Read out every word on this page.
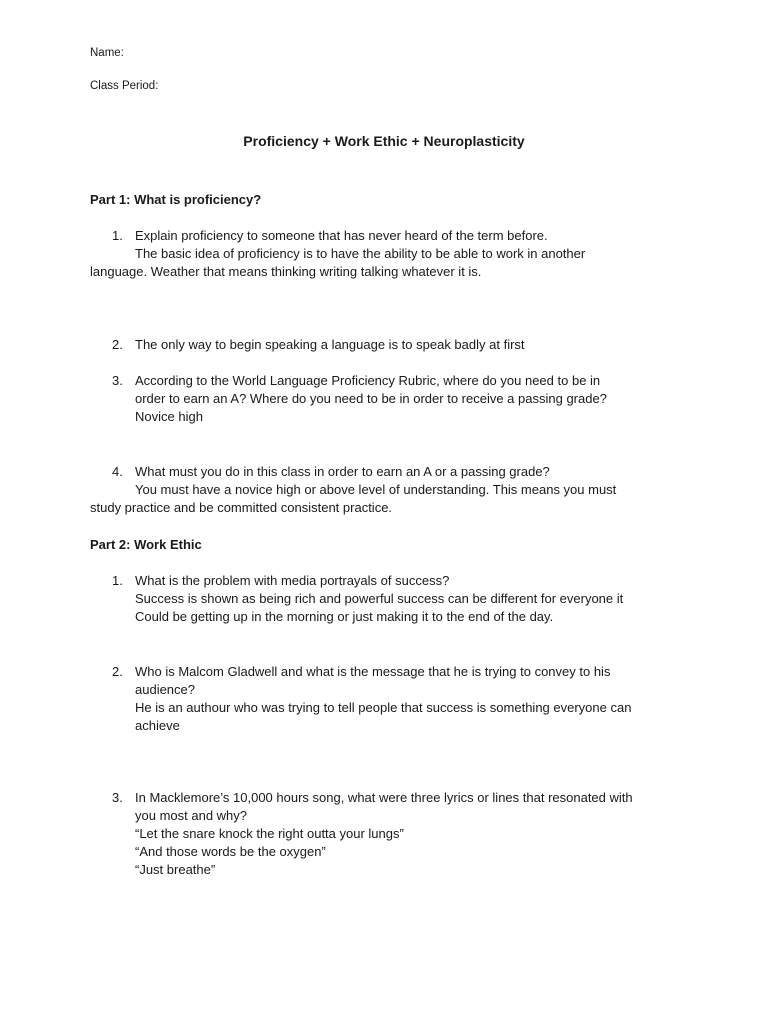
Name:
Class Period:
Proficiency + Work Ethic + Neuroplasticity
Part 1: What is proficiency?
1. Explain proficiency to someone that has never heard of the term before.
The basic idea of proficiency is to have the ability to be able to work in another
language. Weather that means thinking writing talking whatever it is.
2. The only way to begin speaking a language is to speak badly at first
3. According to the World Language Proficiency Rubric, where do you need to be in
order to earn an A? Where do you need to be in order to receive a passing grade?
Novice high
4. What must you do in this class in order to earn an A or a passing grade?
You must have a novice high or above level of understanding. This means you must
study practice and be committed consistent practice.
Part 2: Work Ethic
1. What is the problem with media portrayals of success?
Success is shown as being rich and powerful success can be different for everyone it
Could be getting up in the morning or just making it to the end of the day.
2. Who is Malcom Gladwell and what is the message that he is trying to convey to his
audience?
He is an authour who was trying to tell people that success is something everyone can
achieve
3. In Macklemore’s 10,000 hours song, what were three lyrics or lines that resonated with
you most and why?
“Let the snare knock the right outta your lungs”
“And those words be the oxygen”
“Just breathe”
